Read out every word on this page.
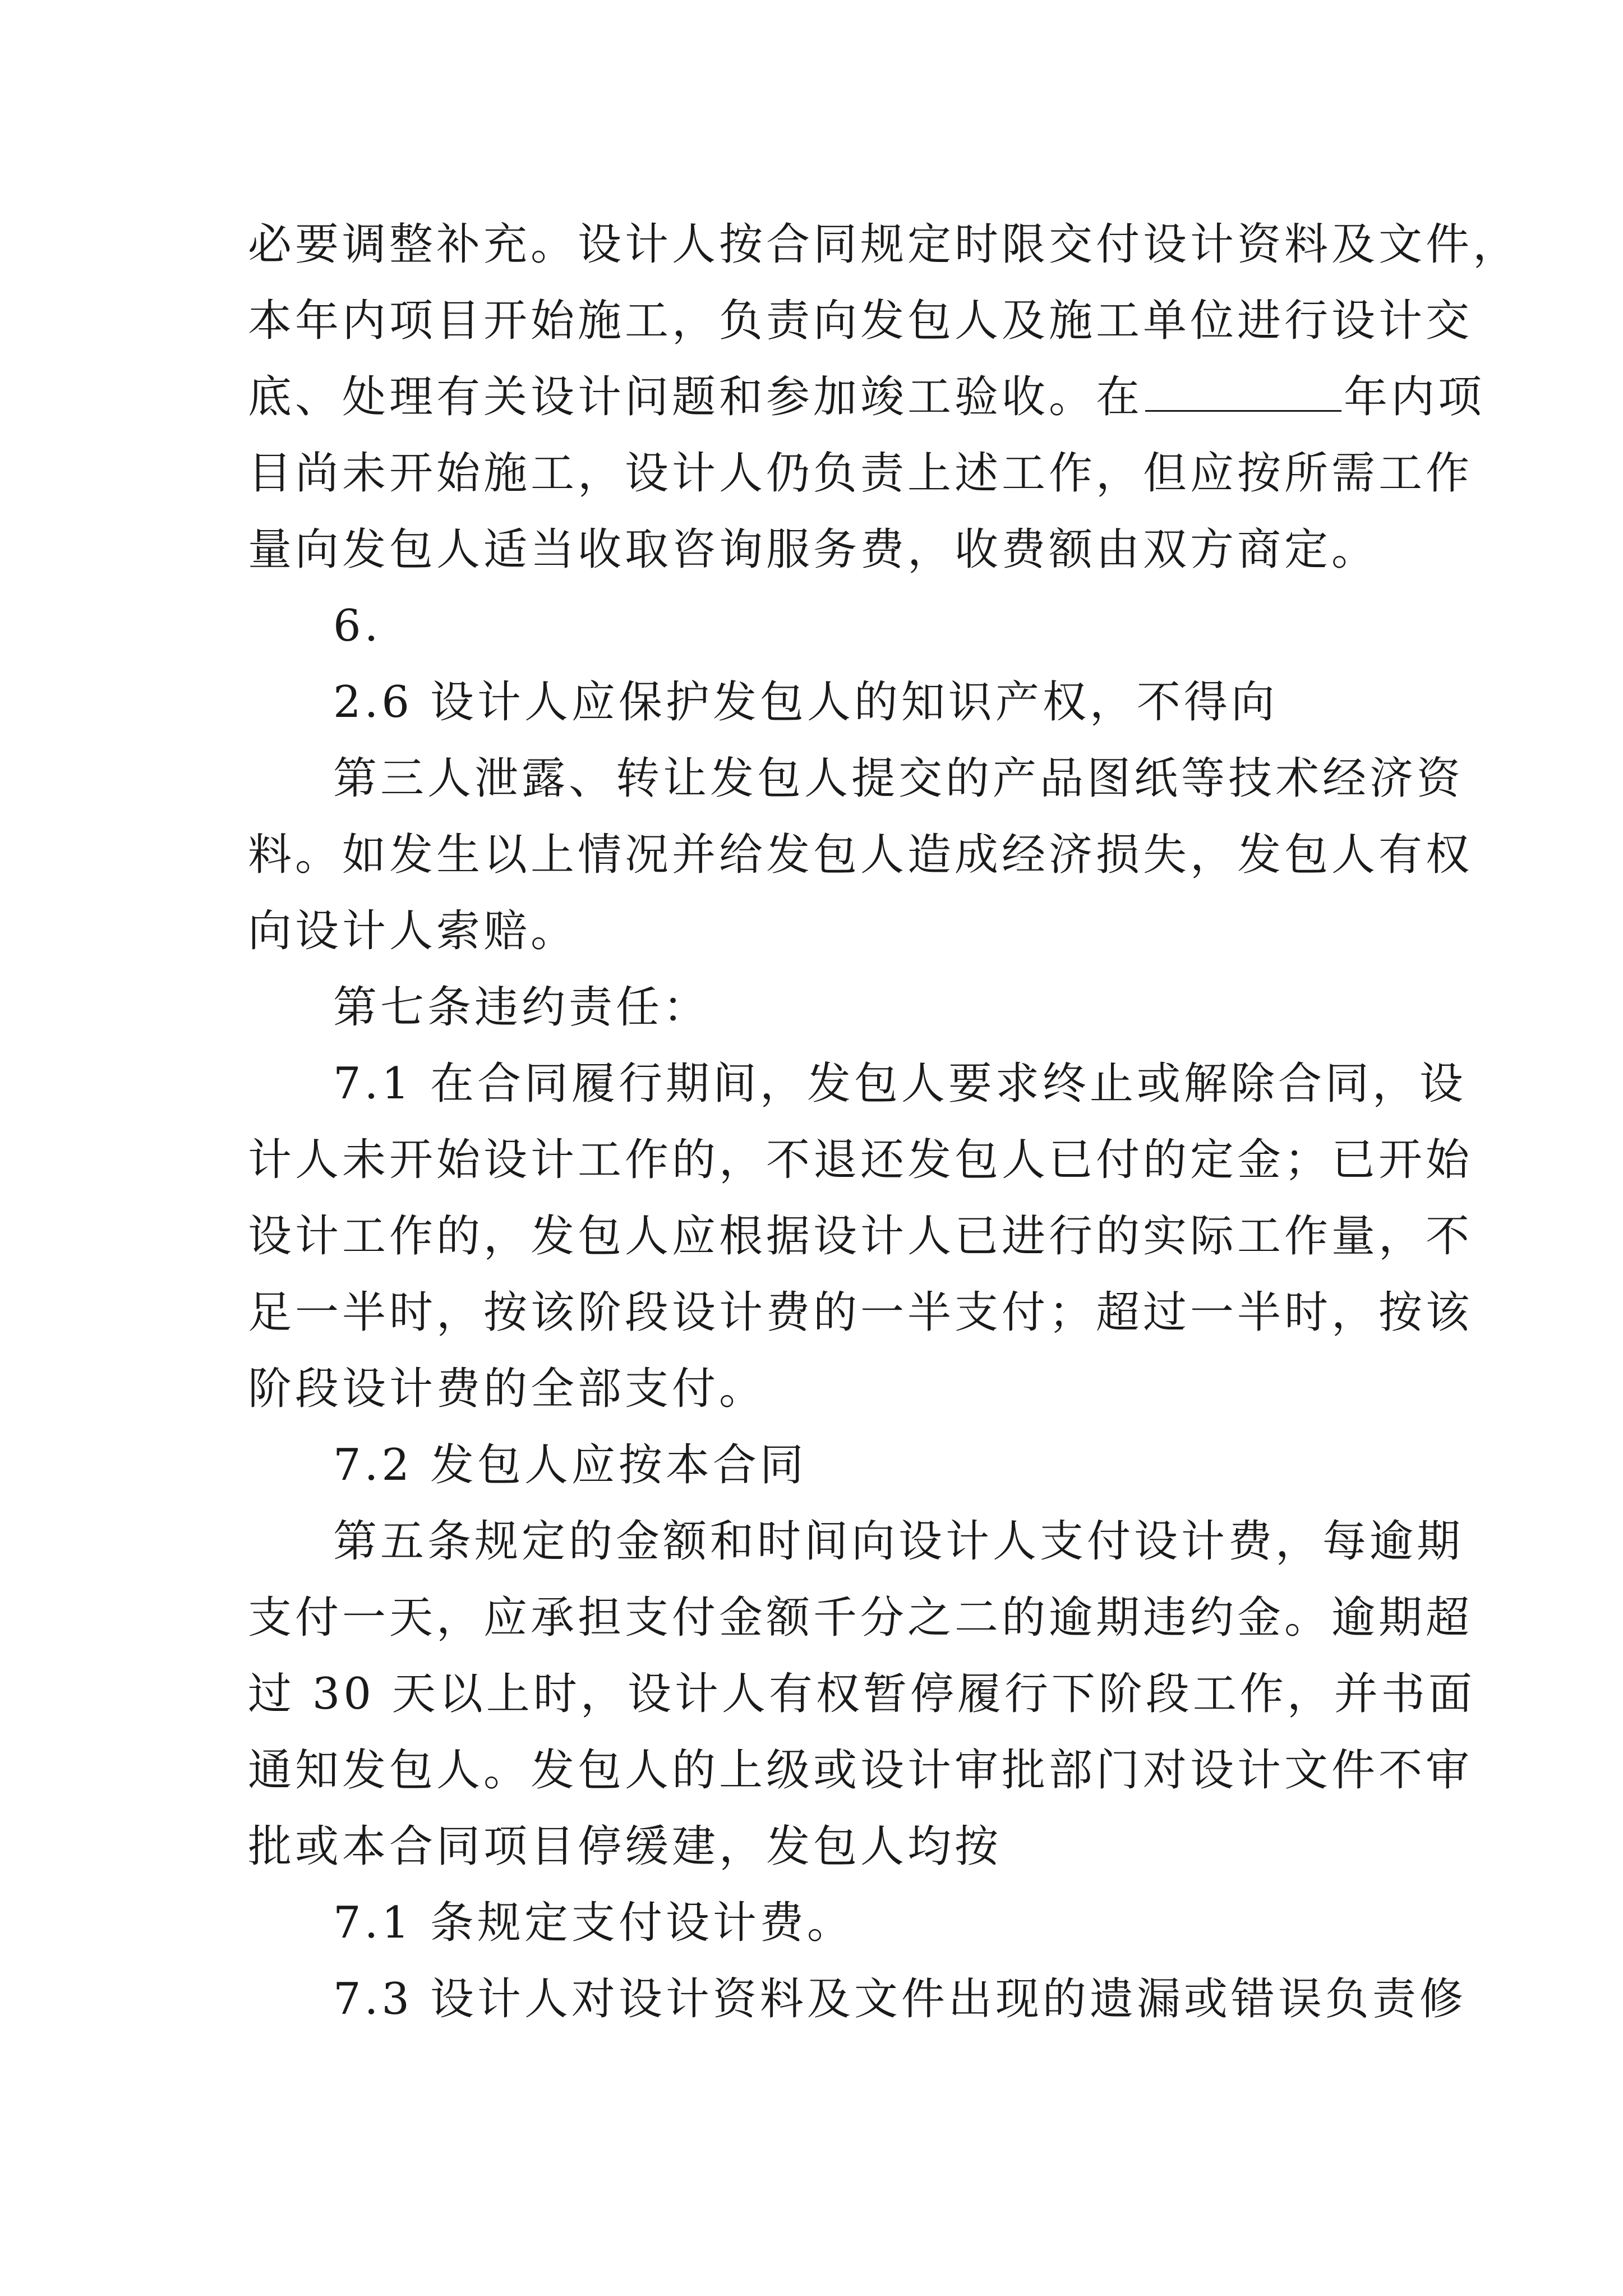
必要调整补充。设计人按合同规定时限交付设计资料及文件，
本年内项目开始施工，负责向发包人及施工单位进行设计交
底、处理有关设计问题和参加竣工验收。在	年内项
目尚未开始施工，设计人仍负责上述工作，但应按所需工作
量向发包人适当收取咨询服务费，收费额由双方商定。
6.
2.6 设计人应保护发包人的知识产权，不得向
第三人泄露、转让发包人提交的产品图纸等技术经济资
料。如发生以上情况并给发包人造成经济损失，发包人有权
向设计人索赔。
第七条违约责任：
7.1 在合同履行期间，发包人要求终止或解除合同，设
计人未开始设计工作的，不退还发包人已付的定金；已开始
设计工作的，发包人应根据设计人已进行的实际工作量，不
足一半时，按该阶段设计费的一半支付；超过一半时，按该
阶段设计费的全部支付。
7.2 发包人应按本合同
第五条规定的金额和时间向设计人支付设计费，每逾期
支付一天，应承担支付金额千分之二的逾期违约金。逾期超
过 30 天以上时，设计人有权暂停履行下阶段工作，并书面
通知发包人。发包人的上级或设计审批部门对设计文件不审
批或本合同项目停缓建，发包人均按
7.1 条规定支付设计费。
7.3 设计人对设计资料及文件出现的遗漏或错误负责修
